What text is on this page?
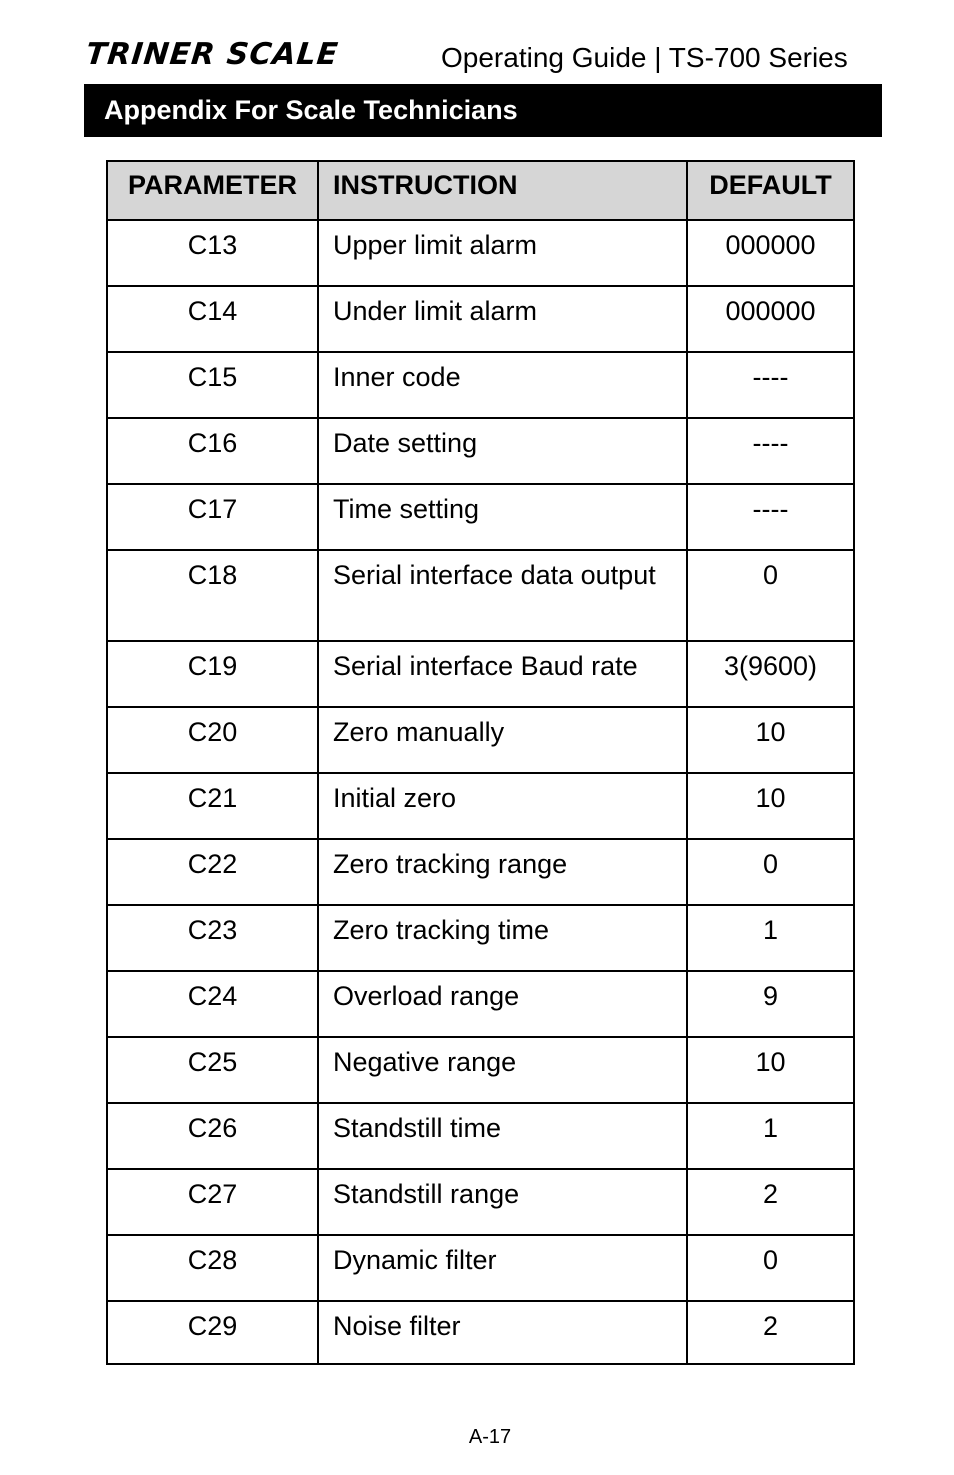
TRINER SCALE	Operating Guide | TS-700 Series
Appendix For Scale Technicians
PARAMETER	INSTRUCTION	DEFAULT
C13	Upper limit alarm	000000
C14	Under limit alarm	000000
C15	Inner code	----
C16	Date setting	----
C17	Time setting	----
C18	Serial interface data output	0
C19	Serial interface Baud rate	3(9600)
C20	Zero manually	10
C21	Initial zero	10
C22	Zero tracking range	0
C23	Zero tracking time	1
C24	Overload range	9
C25	Negative range	10
C26	Standstill time	1
C27	Standstill range	2
C28	Dynamic filter	0
C29	Noise filter	2
A-17
